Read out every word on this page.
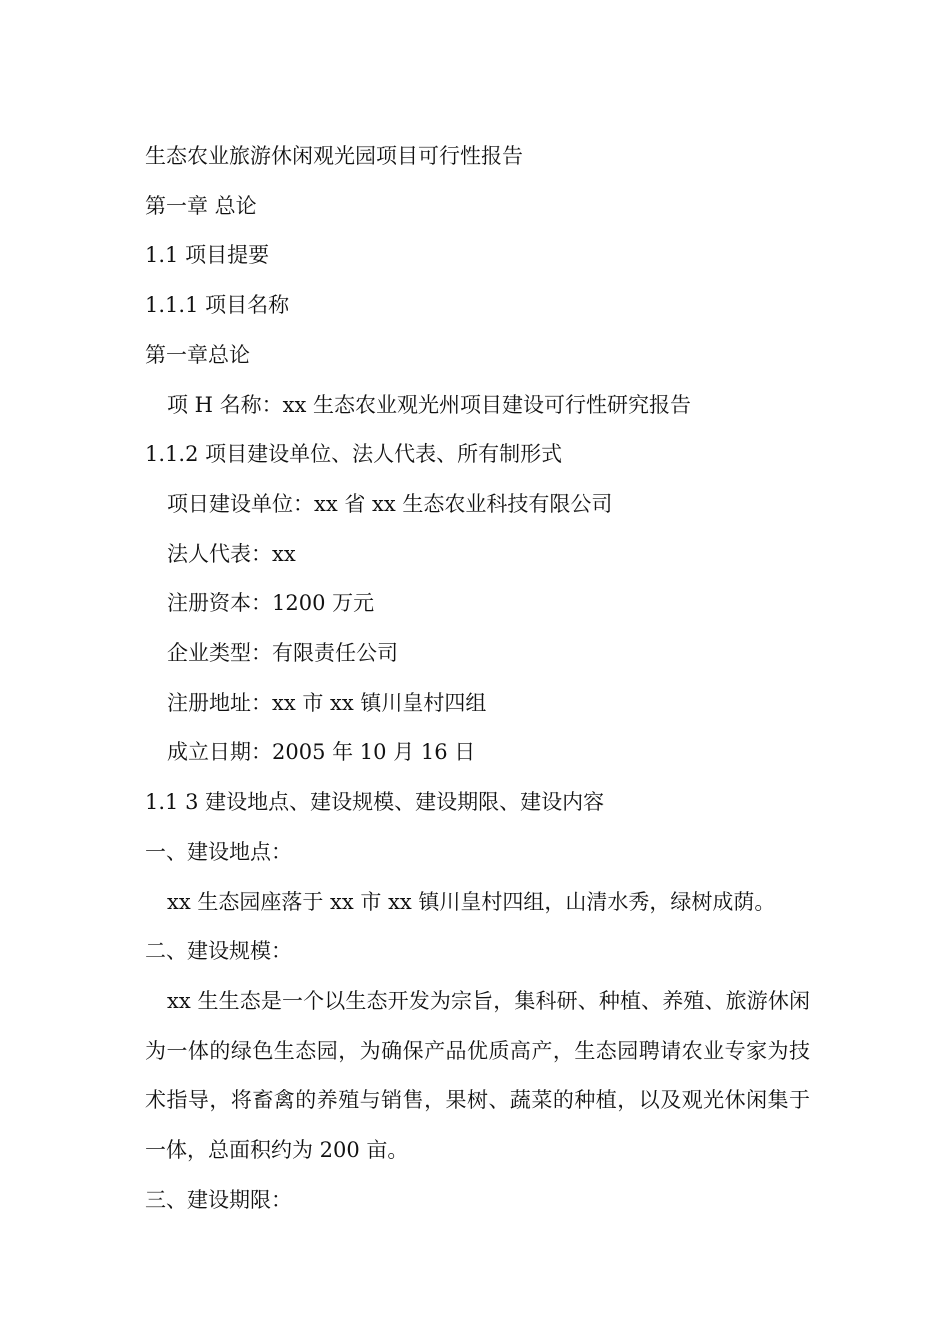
生态农业旅游休闲观光园项目可行性报告
第一章 总论
1.1 项目提要
1.1.1 项目名称
第一章总论
项 H 名称：xx 生态农业观光州项目建设可行性研究报告
1.1.2 项目建设单位、法人代表、所有制形式
项日建设单位：xx 省 xx 生态农业科技有限公司
法人代表：xx
注册资本：1200 万元
企业类型：有限责任公司
注册地址：xx 市 xx 镇川皇村四组
成立日期：2005 年 10 月 16 日
1.1 3 建设地点、建设规模、建设期限、建设内容
一、建设地点：
xx 生态园座落于 xx 市 xx 镇川皇村四组，山清水秀，绿树成荫。
二、建设规模：

xx 生生态是一个以生态开发为宗旨，集科研、种植、养殖、旅游休闲为一体的绿色生态园，为确保产品优质高产，生态园聘请农业专家为技术指导，将畜禽的养殖与销售，果树、蔬菜的种植，以及观光休闲集于一体，总面积约为 200 亩。

三、建设期限：
